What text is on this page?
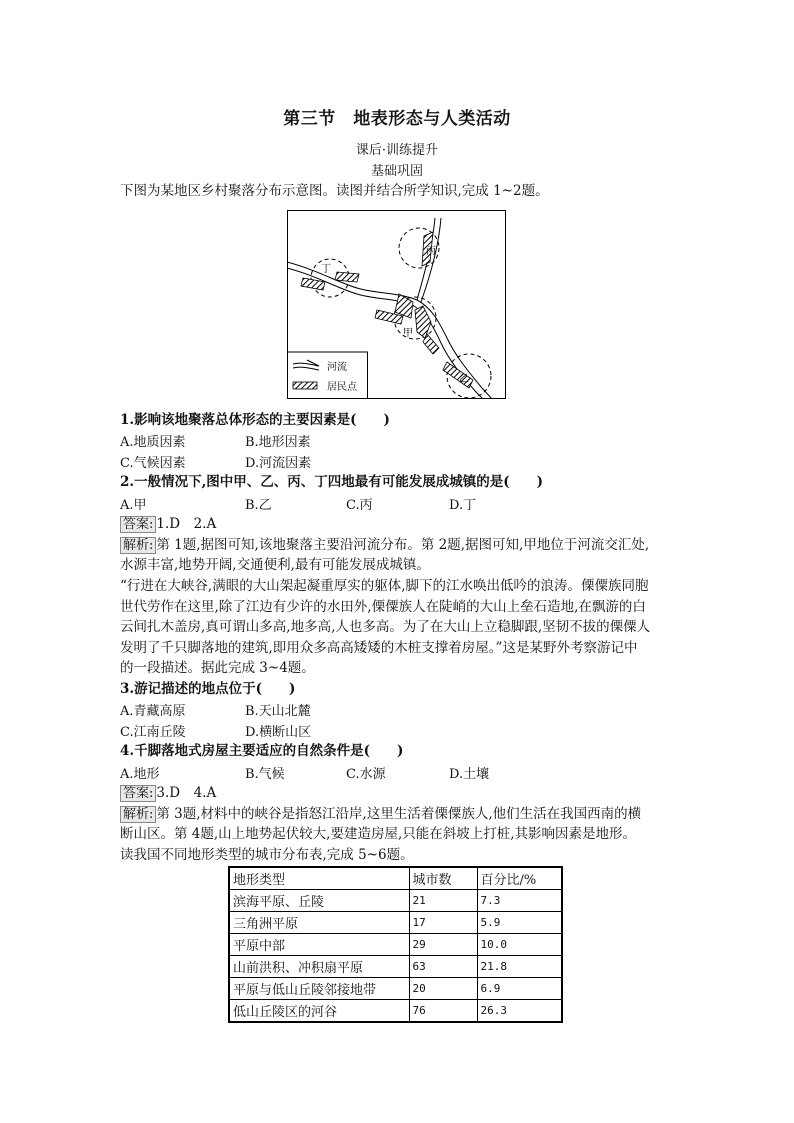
第三节　地表形态与人类活动
课后·训练提升
基础巩固
下图为某地区乡村聚落分布示意图。读图并结合所学知识,完成 1~2题。
丙
丁
甲
乙
河流
居民点
1.影响该地聚落总体形态的主要因素是(　　)
A.地质因素	B.地形因素
C.气候因素	D.河流因素
2.一般情况下,图中甲、乙、丙、丁四地最有可能发展成城镇的是(　　)
A.甲	B.乙	C.丙	D.丁
答案: 1.D　2.A
解析: 第 1题,据图可知,该地聚落主要沿河流分布。第 2题,据图可知,甲地位于河流交汇处,
水源丰富,地势开阔,交通便利,最有可能发展成城镇。
“行进在大峡谷,满眼的大山架起凝重厚实的躯体,脚下的江水唤出低吟的浪涛。傈僳族同胞
世代劳作在这里,除了江边有少许的水田外,傈僳族人在陡峭的大山上垒石造地,在飘游的白
云间扎木盖房,真可谓山多高,地多高,人也多高。为了在大山上立稳脚跟,坚韧不拔的傈僳人
发明了千只脚落地的建筑,即用众多高高矮矮的木桩支撑着房屋。”这是某野外考察游记中
的一段描述。据此完成 3~4题。
3.游记描述的地点位于(　　)
A.青藏高原	B.天山北麓
C.江南丘陵	D.横断山区
4.千脚落地式房屋主要适应的自然条件是(　　)
A.地形	B.气候	C.水源	D.土壤
答案: 3.D　4.A
解析: 第 3题,材料中的峡谷是指怒江沿岸,这里生活着傈僳族人,他们生活在我国西南的横
断山区。第 4题,山上地势起伏较大,要建造房屋,只能在斜坡上打桩,其影响因素是地形。
读我国不同地形类型的城市分布表,完成 5~6题。
地形类型	城市数	百分比/%
滨海平原、丘陵	21	7.3
三角洲平原	17	5.9
平原中部	29	10.0
山前洪积、冲积扇平原	63	21.8
平原与低山丘陵邻接地带	20	6.9
低山丘陵区的河谷	76	26.3
